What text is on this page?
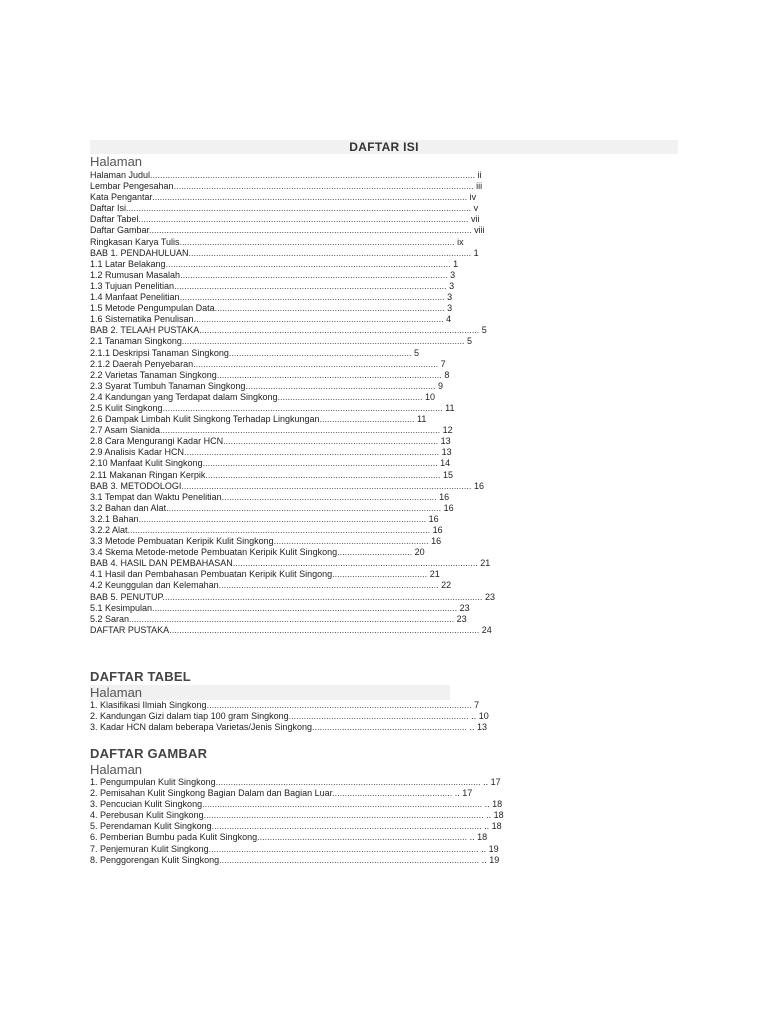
DAFTAR ISI
Halaman
Halaman Judul.................................................................................................................................. ii
Lembar Pengesahan........................................................................................................................ iii
Kata Pengantar.............................................................................................................................. iv
Daftar Isi.......................................................................................................................................... v
Daftar Tabel.................................................................................................................................... vii
Daftar Gambar................................................................................................................................. viii
Ringkasan Karya Tulis.............................................................................................................. ix
BAB 1. PENDAHULUAN................................................................................................................. 1
1.1 Latar Belakang.................................................................................................................. 1
1.2 Rumusan Masalah........................................................................................................... 3
1.3 Tujuan Penelitian............................................................................................................. 3
1.4 Manfaat Penelitian.......................................................................................................... 3
1.5 Metode Pengumpulan Data............................................................................................ 3
1.6 Sistematika Penulisan.................................................................................................... 4
BAB 2. TELAAH PUSTAKA................................................................................................................ 5
2.1 Tanaman Singkong................................................................................................................. 5
2.1.1 Deskripsi Tanaman Singkong......................................................................... 5
2.1.2 Daerah Penyebaran.................................................................................................. 7
2.2 Varietas Tanaman Singkong.......................................................................................... 8
2.3 Syarat Tumbuh Tanaman Singkong............................................................................ 9
2.4 Kandungan yang Terdapat dalam Singkong.......................................................... 10
2.5 Kulit Singkong................................................................................................................ 11
2.6 Dampak Limbah Kulit Singkong Terhadap Lingkungan...................................... 11
2.7 Asam Sianida................................................................................................................ 12
2.8 Cara Mengurangi Kadar HCN...................................................................................... 13
2.9 Analisis Kadar HCN...................................................................................................... 13
2.10 Manfaat Kulit Singkong.............................................................................................. 14
2.11 Makanan Ringan Kerpik.............................................................................................. 15
BAB 3. METODOLOGI.................................................................................................................... 16
3.1 Tempat dan Waktu Penelitian...................................................................................... 16
3.2 Bahan dan Alat.............................................................................................................. 16
3.2.1 Bahan................................................................................................................... 16
3.2.2 Alat......................................................................................................................... 16
3.3 Metode Pembuatan Keripik Kulit Singkong.............................................................. 16
3.4 Skema Metode-metode Pembuatan Keripik Kulit Singkong.............................. 20
BAB 4. HASIL DAN PEMBAHASAN.................................................................................................. 21
4.1 Hasil dan Pembahasan Pembuatan Keripik Kulit Singong...................................... 21
4.2 Keunggulan dan Kelemahan........................................................................................ 22
BAB 5. PENUTUP................................................................................................................................ 23
5.1 Kesimpulan.......................................................................................................................... 23
5.2 Saran.................................................................................................................................. 23
DAFTAR PUSTAKA............................................................................................................................ 24
DAFTAR TABEL
Halaman
1. Klasifikasi Ilmiah Singkong.......................................................................................................... 7
2. Kandungan Gizi dalam tiap 100 gram Singkong........................................................................ .. 10
3. Kadar HCN dalam beberapa Varietas/Jenis Singkong.............................................................. .. 13
DAFTAR GAMBAR
Halaman
1. Pengumpulan Kulit Singkong.......................................................................................................... .. 17
2. Pemisahan Kulit Singkong Bagian Dalam dan Bagian Luar................................................ .. 17
3. Pencucian Kulit Singkong................................................................................................................ .. 18
4. Perebusan Kulit Singkong................................................................................................................ .. 18
5. Perendaman Kulit Singkong............................................................................................................ .. 18
6. Pemberian Bumbu pada Kulit Singkong.................................................................................... .. 18
7. Penjemuran Kulit Singkong............................................................................................................ .. 19
8. Penggorengan Kulit Singkong........................................................................................................ .. 19
